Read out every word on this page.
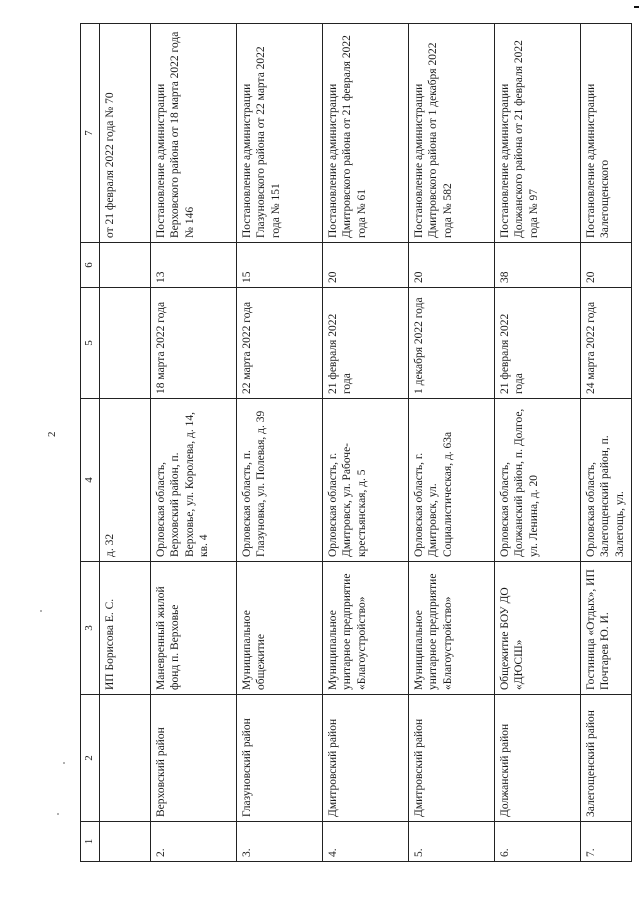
2
1	2	3	4	5	6	7
		ИП Борисова Е. С.	д. 32			от 21 февраля 2022 года № 70
2.	Верховский район	Маневренный жилой фонд п. Верховье	Орловская область, Верховский район, п. Верховье, ул. Королева, д. 14, кв. 4	18 марта 2022 года	13	Постановление администрации Верховского района от 18 марта 2022 года № 146
3.	Глазуновский район	Муниципальное общежитие	Орловская область, п. Глазуновка, ул. Полевая, д. 39	22 марта 2022 года	15	Постановление администрации Глазуновского района от 22 марта 2022 года № 151
4.	Дмитровский район	Муниципальное унитарное предприятие «Благоустройство»	Орловская область, г. Дмитровск, ул. Рабоче-крестьянская, д. 5	21 февраля 2022 года	20	Постановление администрации Дмитровского района от 21 февраля 2022 года № 61
5.	Дмитровский район	Муниципальное унитарное предприятие «Благоустройство»	Орловская область, г. Дмитровск, ул. Социалистическая, д. 63а	1 декабря 2022 года	20	Постановление администрации Дмитровского района от 1 декабря 2022 года № 582
6.	Должанский район	Общежитие БОУ ДО «ДЮСШ»	Орловская область, Должанский район, п. Долгое, ул. Ленина, д. 20	21 февраля 2022 года	38	Постановление администрации Должанского района от 21 февраля 2022 года № 97
7.	Залегощенский район	Гостиница «Отдых», ИП Почтарев Ю. И.	Орловская область, Залегощенский район, п. Залегощь, ул.	24 марта 2022 года	20	Постановление администрации Залегощенского
